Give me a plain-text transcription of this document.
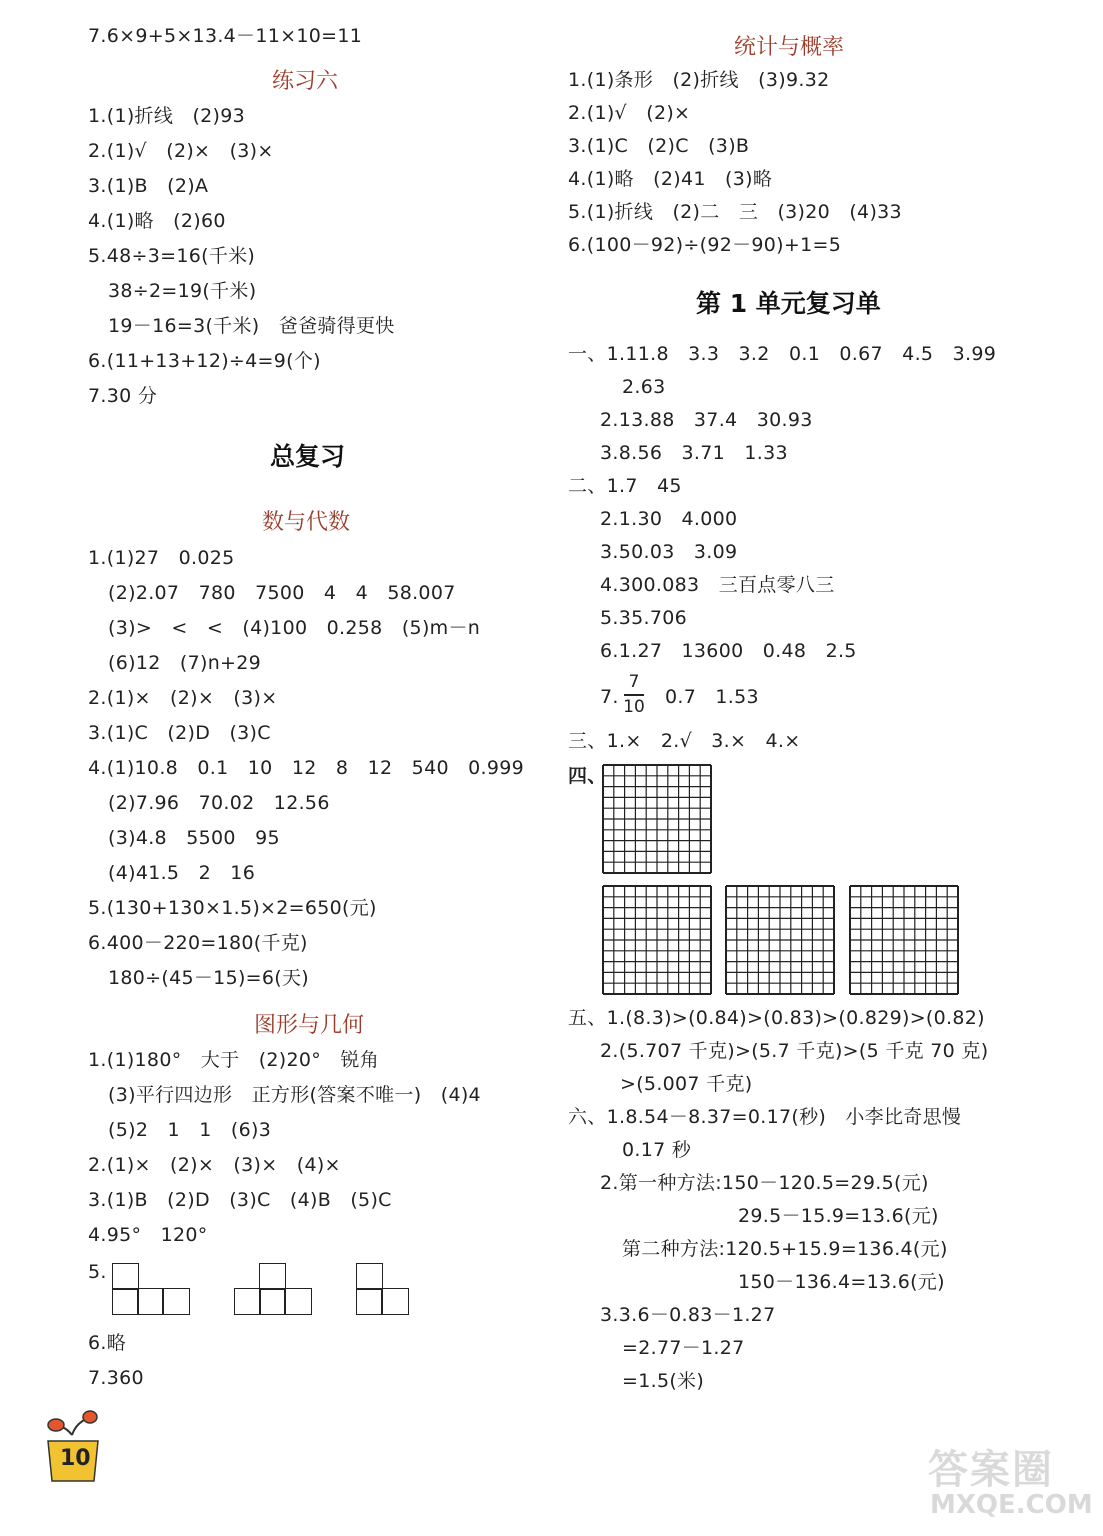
7.6×9+5×13.4－11×10=11
练习六
1.(1)折线　(2)93
2.(1)√　(2)×　(3)×
3.(1)B　(2)A
4.(1)略　(2)60
5.48÷3=16(千米)
38÷2=19(千米)
19－16=3(千米)　爸爸骑得更快
6.(11+13+12)÷4=9(个)
7.30 分
总复习
数与代数
1.(1)27　0.025
(2)2.07　780　7500　4　4　58.007
(3)>　<　<　(4)100　0.258　(5)m－n
(6)12　(7)n+29
2.(1)×　(2)×　(3)×
3.(1)C　(2)D　(3)C
4.(1)10.8　0.1　10　12　8　12　540　0.999
(2)7.96　70.02　12.56
(3)4.8　5500　95
(4)41.5　2　16
5.(130+130×1.5)×2=650(元)
6.400－220=180(千克)
180÷(45－15)=6(天)
图形与几何
1.(1)180°　大于　(2)20°　锐角
(3)平行四边形　正方形(答案不唯一)　(4)4
(5)2　1　1　(6)3
2.(1)×　(2)×　(3)×　(4)×
3.(1)B　(2)D　(3)C　(4)B　(5)C
4.95°　120°
5.
6.略
7.360
10
统计与概率
1.(1)条形　(2)折线　(3)9.32
2.(1)√　(2)×
3.(1)C　(2)C　(3)B
4.(1)略　(2)41　(3)略
5.(1)折线　(2)二　三　(3)20　(4)33
6.(100－92)÷(92－90)+1=5
第 1 单元复习单
一、1.11.8　3.3　3.2　0.1　0.67　4.5　3.99
2.63
2.13.88　37.4　30.93
3.8.56　3.71　1.33
二、1.7　45
2.1.30　4.000
3.50.03　3.09
4.300.083　三百点零八三
5.35.706
6.1.27　13600　0.48　2.5
7.
7
10 0.7　1.53
三、1.×　2.√　3.×　4.×
四、
五、1.(8.3)>(0.84)>(0.83)>(0.829)>(0.82)
2.(5.707 千克)>(5.7 千克)>(5 千克 70 克)
>(5.007 千克)
六、1.8.54－8.37=0.17(秒)　小李比奇思慢
0.17 秒
2.第一种方法:150－120.5=29.5(元)
29.5－15.9=13.6(元)
第二种方法:120.5+15.9=136.4(元)
150－136.4=13.6(元)
3.3.6－0.83－1.27
=2.77－1.27
=1.5(米)
答案圈
MXQE.COM
